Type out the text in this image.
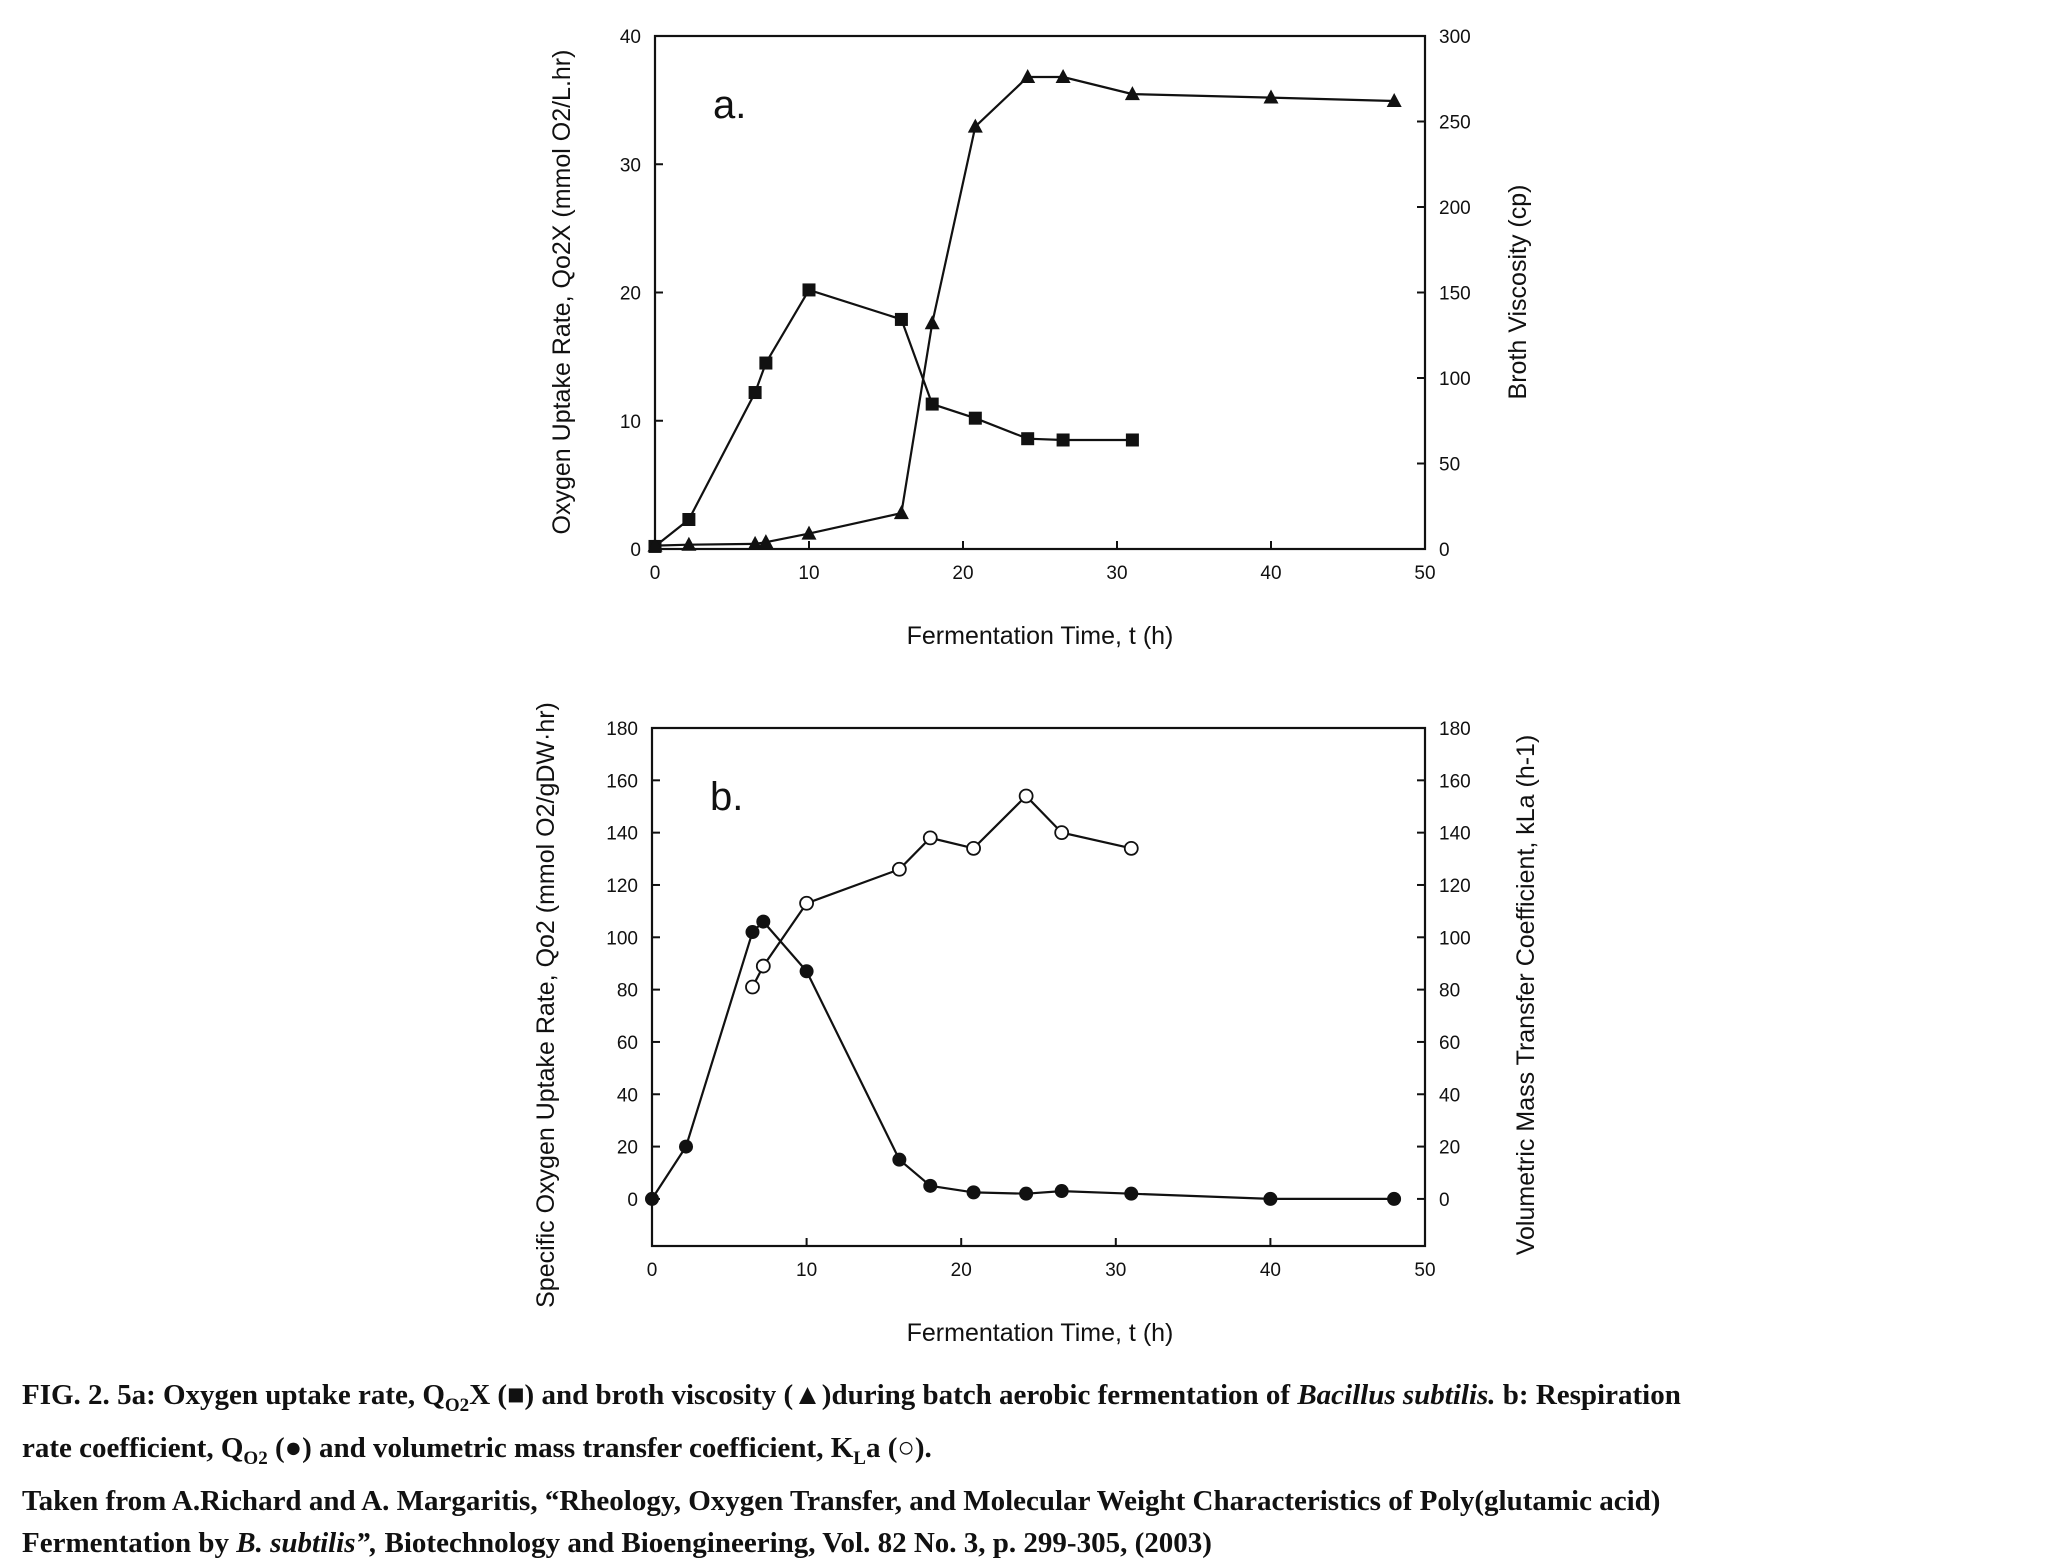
0	10	20	30	40	50
0
10
20
30
40
0
50
100
150
200
250
300
a.
Fermentation Time, t (h)
Oxygen Uptake Rate, Qo2X (mmol O2/L.hr)	Broth Viscosity (cp)
0	10	20	30	40	50
0
20
40
60
80
100
120
140
160
180
0
20
40
60
80
100
120
140
160
180
b.
Fermentation Time, t (h)
Specific Oxygen Uptake Rate, Qo2 (mmol O2/gDW·hr)	Volumetric Mass Transfer Coefficient, kLa (h-1)
FIG. 2. 5a: Oxygen uptake rate, $Q_{O2}X$ (■) and broth viscosity (▲)during batch aerobic fermentation of Bacillus subtilis. b: Respiration
rate coefficient, $Q_{O2}$ (●) and volumetric mass transfer coefficient, $K_La$ (○).
Taken from A.Richard and A. Margaritis, “Rheology, Oxygen Transfer, and Molecular Weight Characteristics of Poly(glutamic acid)
Fermentation by B. subtilis”, Biotechnology and Bioengineering, Vol. 82 No. 3, p. 299-305, (2003)
